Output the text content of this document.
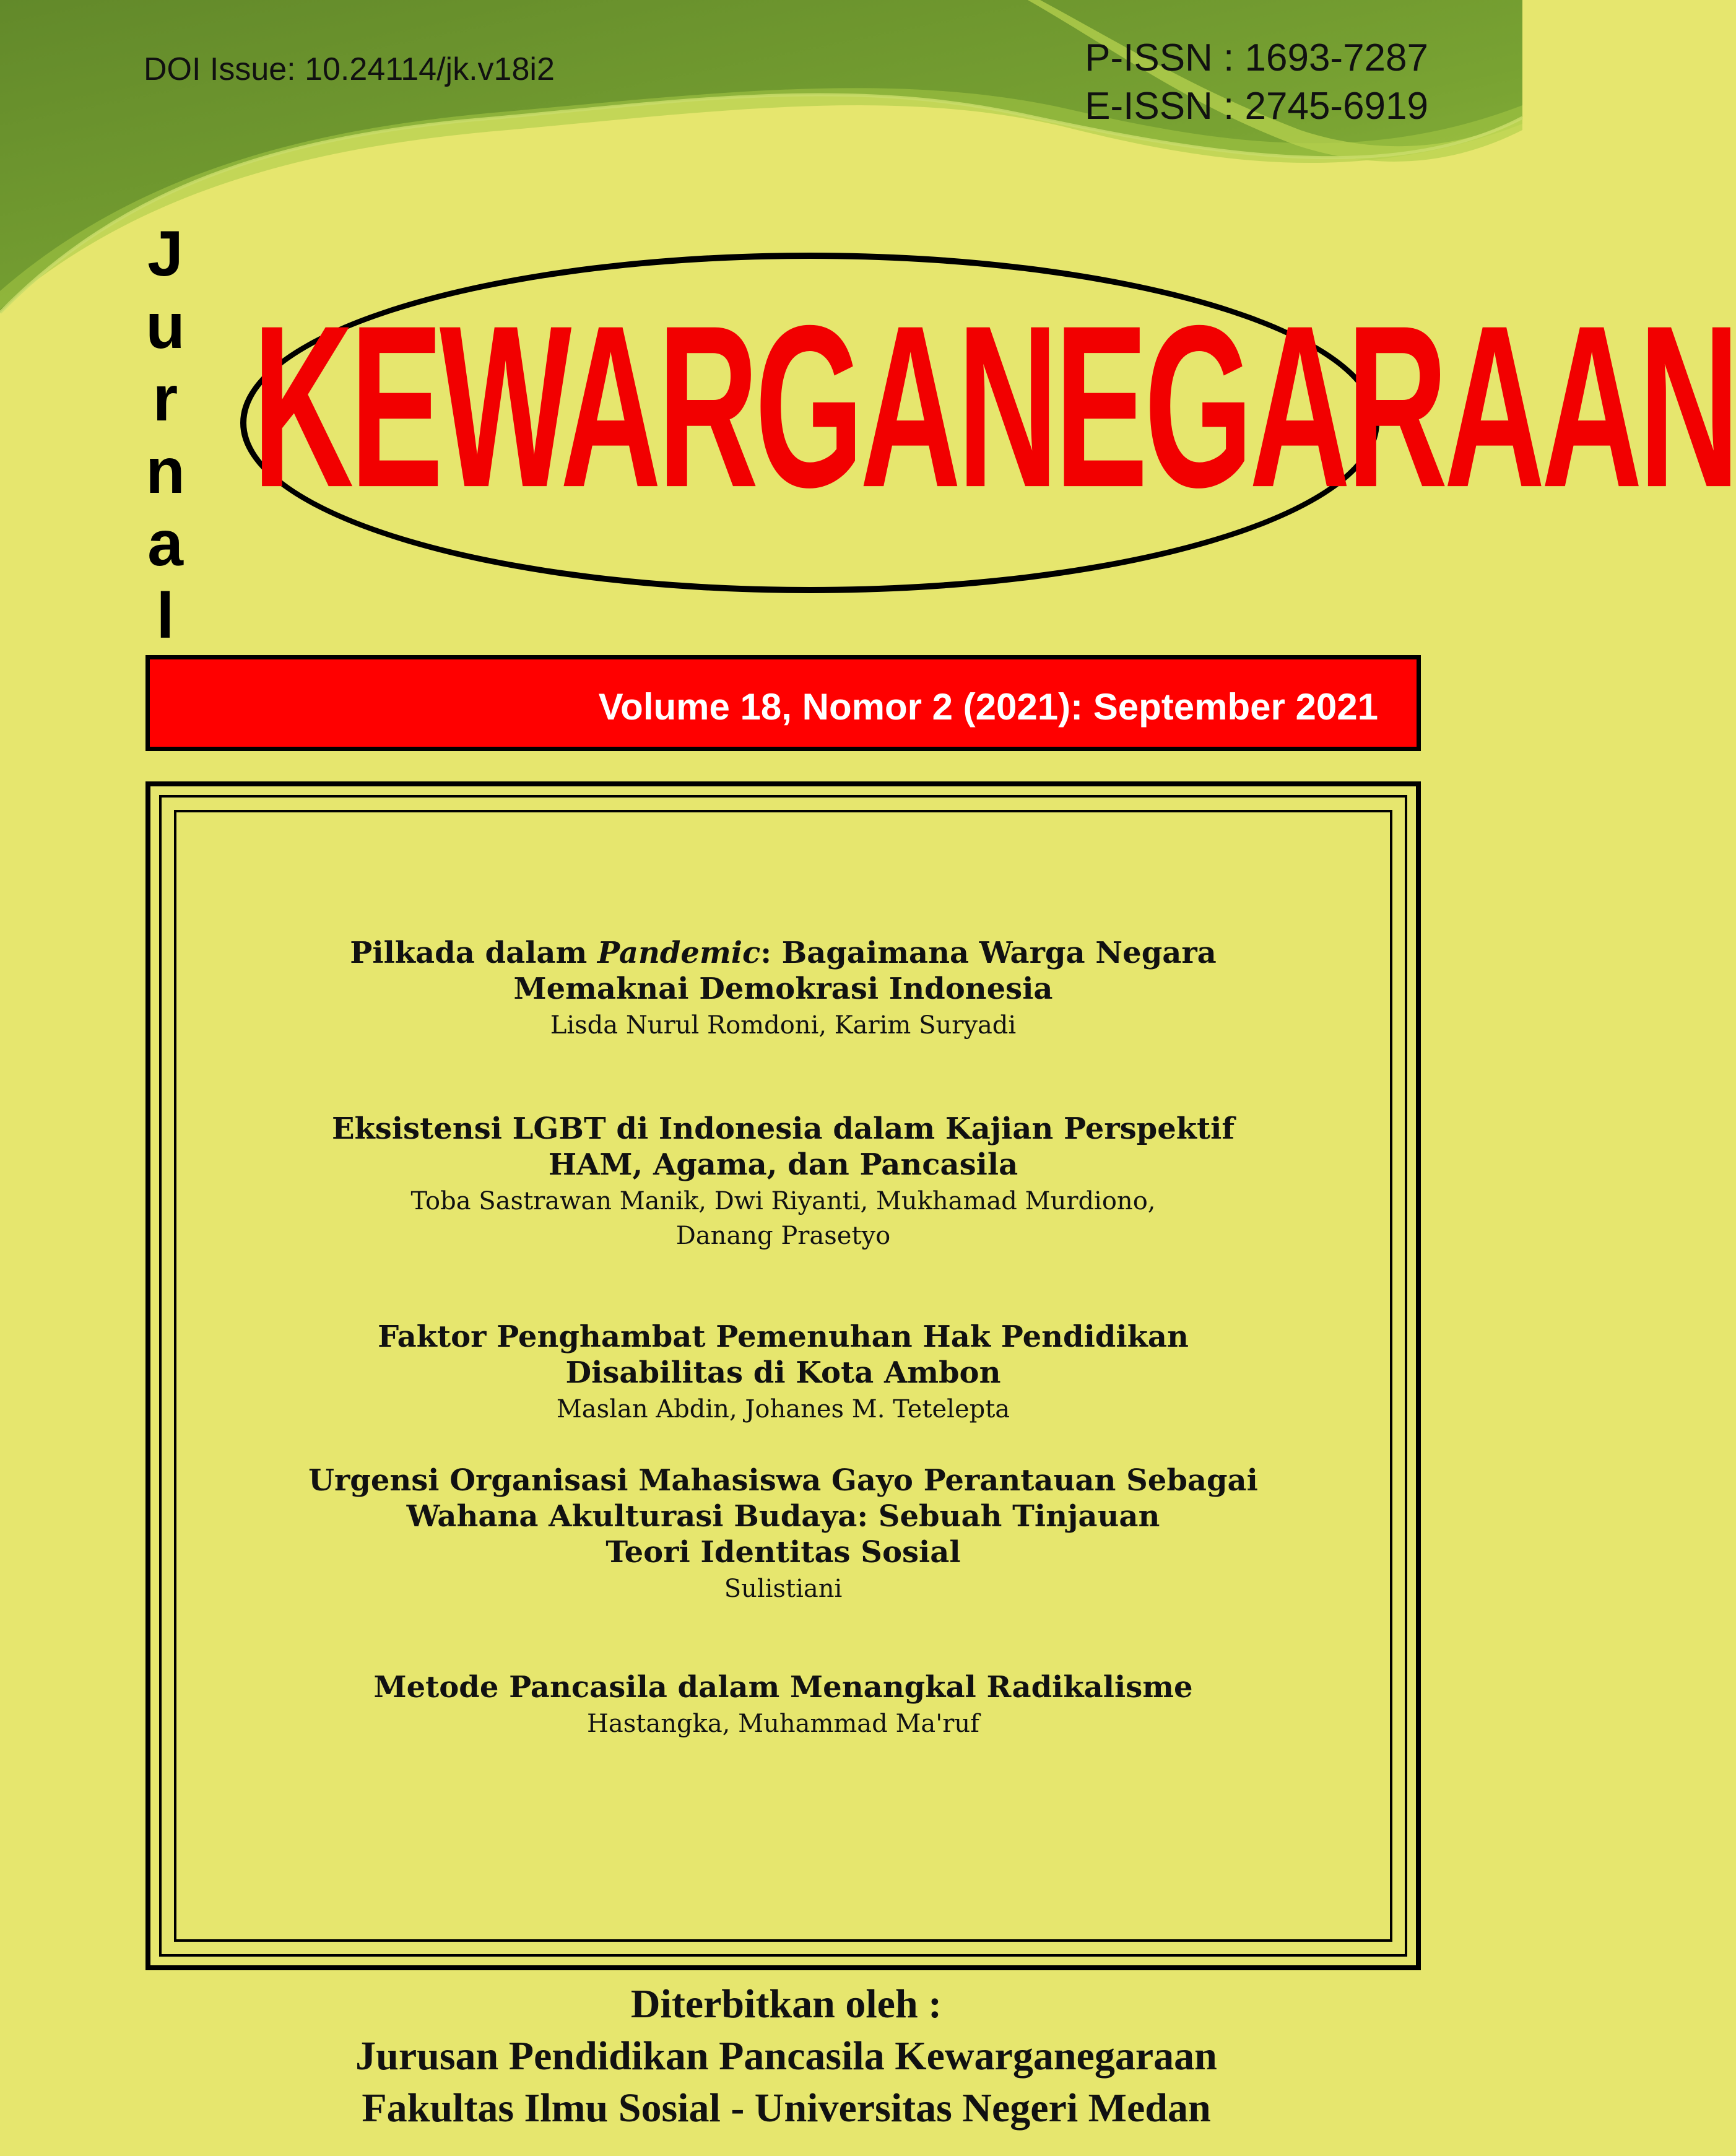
DOI Issue: 10.24114/jk.v18i2	P-ISSN : 1693-7287
E-ISSN : 2745-6919
J
u
r
n
a
l
KEWARGANEGARAAN
Volume 18, Nomor 2 (2021): September 2021
Pilkada dalam Pandemic: Bagaimana Warga Negara
Memaknai Demokrasi Indonesia
Lisda Nurul Romdoni, Karim Suryadi
Eksistensi LGBT di Indonesia dalam Kajian Perspektif
HAM, Agama, dan Pancasila
Toba Sastrawan Manik, Dwi Riyanti, Mukhamad Murdiono,
Danang Prasetyo
Faktor Penghambat Pemenuhan Hak Pendidikan
Disabilitas di Kota Ambon
Maslan Abdin, Johanes M. Tetelepta
Urgensi Organisasi Mahasiswa Gayo Perantauan Sebagai
Wahana Akulturasi Budaya: Sebuah Tinjauan
Teori Identitas Sosial
Sulistiani
Metode Pancasila dalam Menangkal Radikalisme
Hastangka, Muhammad Ma'ruf
Diterbitkan oleh :
Jurusan Pendidikan Pancasila Kewarganegaraan
Fakultas Ilmu Sosial - Universitas Negeri Medan
